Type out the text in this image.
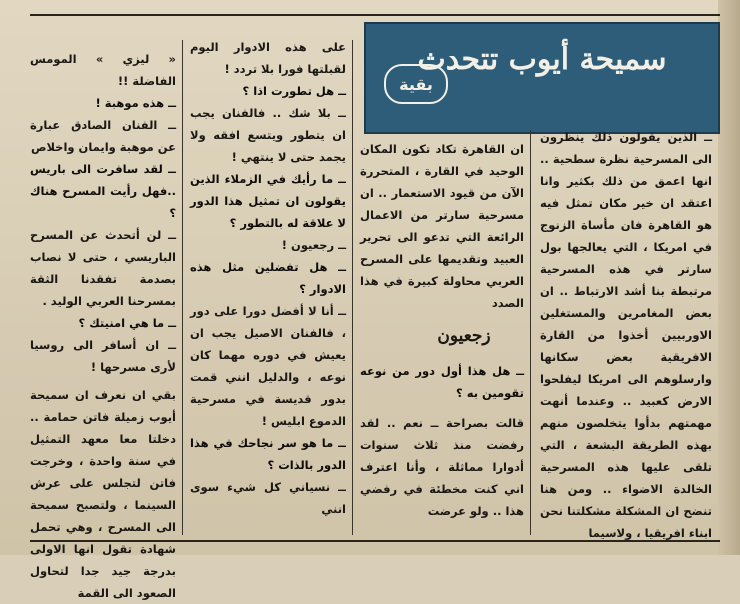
سميحة أيوب تتحدث
بقية

ــ الذين يقولون ذلك ينظرون الى المسرحية نظرة سطحية .. انها اعمق من ذلك بكثير وانا اعتقد ان خير مكان تمثل فيه هو القاهرة فان مأساة الزنوج في امريكا ، التي يعالجها بول سارتر في هذه المسرحية مرتبطة بنا أشد الارتباط .. ان بعض المغامرين والمستغلين الاوربيين أخذوا من القارة الافريقية بعض سكانها وارسلوهم الى امريكا ليفلحوا الارض كعبيد .. وعندما أنهت مهمتهم بدأوا يتخلصون منهم بهذه الطريقة البشعة ، التي تلقى عليها هذه المسرحية الخالدة الاضواء .. ومن هنا تنضح ان المشكلة مشكلتنا نحن ابناء افريقيا ، ولاسيما

ان القاهرة تكاد تكون المكان الوحيد في القارة ، المتحررة الآن من قيود الاستعمار .. ان مسرحية سارتر من الاعمال الرائعة التي تدعو الى تحرير العبيد وتقديمها على المسرح العربي محاولة كبيرة في هذا الصدد

زجعيون

ــ هل هذا أول دور من نوعه تقومين به ؟

قالت بصراحة ــ نعم .. لقد رفضت منذ ثلاث سنوات أدوارا مماثلة ، وأنا اعترف اني كنت مخطئة في رفضي هذا .. ولو عرضت

على هذه الادوار اليوم لقبلتها فورا بلا تردد !

ــ هل تطورت اذا ؟

ــ بلا شك .. فالفنان يجب ان يتطور ويتسع افقه ولا يجمد حتى لا ينتهي !

ــ ما رأيك في الزملاء الذين يقولون ان تمثيل هذا الدور لا علاقة له بالتطور ؟

ــ رجعيون !

ــ هل تفضلين مثل هذه الادوار ؟

ــ أنا لا أفضل دورا على دور ، فالفنان الاصيل يجب ان يعيش في دوره مهما كان نوعه ، والدليل انني قمت بدور قديسة في مسرحية الدموع ابليس !

ــ ما هو سر نجاحك في هذا الدور بالذات ؟

ــ نسياني كل شيء سوى انني

« ليزي » المومس الفاضلة !!

ــ هذه موهبة !

ــ الفنان الصادق عبارة عن موهبة وايمان واخلاص

ــ لقد سافرت الى باريس ..فهل رأيت المسرح هناك ؟

ــ لن أتحدث عن المسرح الباريسي ، حتى لا نصاب بصدمة تفقدنا الثقة بمسرحنا العربي الوليد .

ــ ما هي امنيتك ؟

ــ ان أسافر الى روسيا لأرى مسرحها !

بقي ان نعرف ان سميحة أيوب زميلة فاتن حمامة .. دخلتا معا معهد التمثيل في سنة واحدة ، وخرجت فاتن لتجلس على عرش السينما ، ولتصبح سميحة الى المسرح ، وهي تحمل شهادة تقول انها الاولى بدرجة جيد جدا لتحاول الصعود الى القمة
